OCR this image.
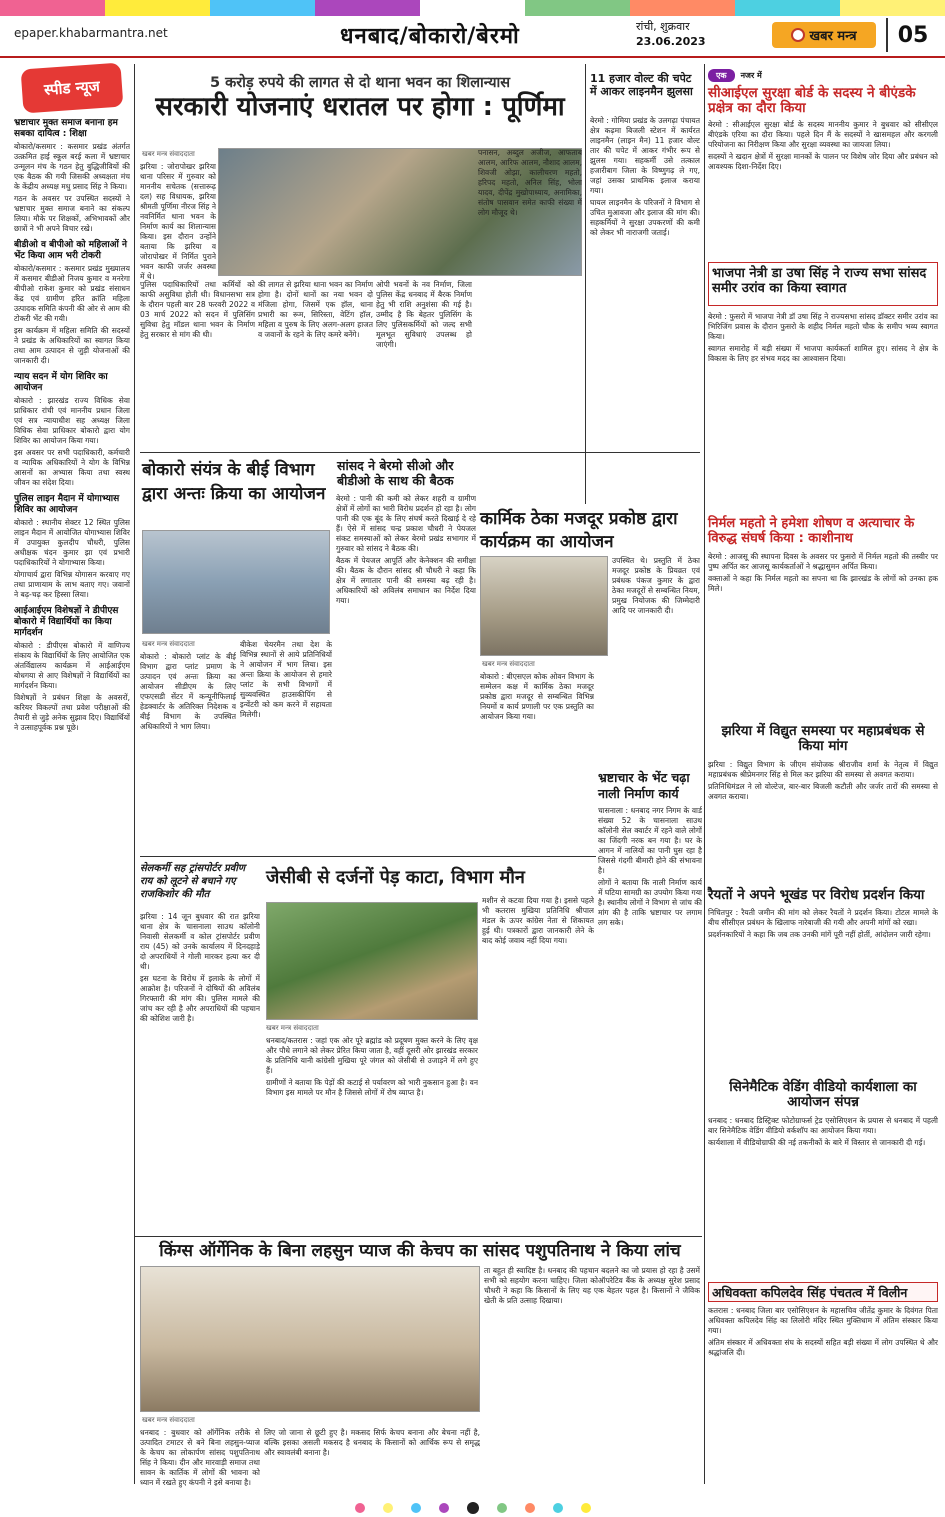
epaper.khabarmantra.net	धनबाद/बोकारो/बेरमो	रांची, शुक्रवार
23.06.2023	खबर मन्त्र	05
स्पीड न्यूज
भ्रष्टाचार मुक्त समाज बनाना हम सबका दायित्व : शिक्षा

बोकारो/कसमार : कसमार प्रखंड अंतर्गत उत्क्रमित हाई स्कूल बरई कला में भ्रष्टाचार उन्मूलन मंच के गठन हेतु बुद्धिजीवियों की एक बैठक की गयी जिसकी अध्यक्षता मंच के केंद्रीय अध्यक्ष मधु प्रसाद सिंह ने किया।

गठन के अवसर पर उपस्थित सदस्यों ने भ्रष्टाचार मुक्त समाज बनाने का संकल्प लिया। मौके पर शिक्षकों, अभिभावकों और छात्रों ने भी अपने विचार रखे।

बीडीओ व बीपीओ को महिलाओं ने भेंट किया आम भरी टोकरी

बोकारो/कसमार : कसमार प्रखंड मुख्यालय में कसमार बीडीओ निजय कुमार व मनरेगा बीपीओ राकेश कुमार को प्रखंड संसाधन केंद्र एवं ग्रामीण हरित क्रांति महिला उत्पादक समिति कंपनी की ओर से आम की टोकरी भेंट की गयी।

इस कार्यक्रम में महिला समिति की सदस्यों ने प्रखंड के अधिकारियों का स्वागत किया तथा आम उत्पादन से जुड़ी योजनाओं की जानकारी दी।

न्याय सदन में योग शिविर का आयोजन

बोकारो : झारखंड राज्य विधिक सेवा प्राधिकार रांची एवं माननीय प्रधान जिला एवं सत्र न्यायाधीश सह अध्यक्ष जिला विधिक सेवा प्राधिकार बोकारो द्वारा योग शिविर का आयोजन किया गया।

इस अवसर पर सभी पदाधिकारी, कर्मचारी व न्यायिक अधिकारियों ने योग के विभिन्न आसनों का अभ्यास किया तथा स्वस्थ जीवन का संदेश दिया।

पुलिस लाइन मैदान में योगाभ्यास शिविर का आयोजन

बोकारो : स्थानीय सेक्टर 12 स्थित पुलिस लाइन मैदान में आयोजित योगाभ्यास शिविर में उपायुक्त कुलदीप चौधरी, पुलिस अधीक्षक चंदन कुमार झा एवं प्रभारी पदाधिकारियों ने योगाभ्यास किया।

योगाचार्य द्वारा विभिन्न योगासन करवाए गए तथा प्राणायाम के लाभ बताए गए। जवानों ने बढ़-चढ़ कर हिस्सा लिया।

आईआईएम विशेषज्ञों ने डीपीएस बोकारो में विद्यार्थियों का किया मार्गदर्शन

बोकारो : डीपीएस बोकारो में वाणिज्य संकाय के विद्यार्थियों के लिए आयोजित एक अंतर्विद्यालय कार्यक्रम में आईआईएम बोधगया से आए विशेषज्ञों ने विद्यार्थियों का मार्गदर्शन किया।

विशेषज्ञों ने प्रबंधन शिक्षा के अवसरों, करियर विकल्पों तथा प्रवेश परीक्षाओं की तैयारी से जुड़े अनेक सुझाव दिए। विद्यार्थियों ने उत्साहपूर्वक प्रश्न पूछे।

5 करोड़ रुपये की लागत से दो थाना भवन का शिलान्यास
सरकारी योजनाएं धरातल पर होगा : पूर्णिमा
खबर मन्त्र संवाददाता

झरिया : जोरापोखर झरिया थाना परिसर में गुरुवार को माननीय सचेतक (सत्तारूढ़ दल) सह विधायक, झरिया श्रीमती पूर्णिमा नीरज सिंह ने नवनिर्मित थाना भवन के निर्माण कार्य का शिलान्यास किया। इस दौरान उन्होंने बताया कि झरिया व जोरापोखर में निर्मित पुराने भवन काफी जर्जर अवस्था में थे।

पुलिस पदाधिकारियों तथा कर्मियों को काफी असुविधा होती थी। विधानसभा सत्र के दौरान पहली बार 28 फरवरी 2022 व 03 मार्च 2022 को सदन में पुलिसिंग सुविधा हेतु मॉडल थाना भवन के निर्माण हेतु सरकार से मांग की थी।

की लागत से झरिया थाना भवन का निर्माण होगा है। दोनों थानों का नया भवन दो मंजिला होगा, जिसमें एक हॉल, थाना प्रभारी का रूम, सिरिस्ता, वेटिंग हॉल, महिला व पुरुष के लिए अलग-अलग हाजत व जवानों के रहने के लिए कमरे बनेंगे।

ओपी भवनों के नव निर्माण, जिला पुलिस केंद्र धनबाद में बैरक निर्माण हेतु भी राशि अनुशंसा की गई है। उम्मीद है कि बेहतर पुलिसिंग के लिए पुलिसकर्मियों को जल्द सभी मूलभूत सुविधाएं उपलब्ध हो जाएंगी।

पनासन, अब्दुल अजीज, आफताब आलम, आरिफ आलम, नौशाद आलम, शिवजी ओझा, कालीचरण महतो, हरिपद महतो, अनिल सिंह, भोला यादव, दीपेंद्र मुखोपाध्याय, अनामिका, संतोष पासवान समेत काफी संख्या में लोग मौजूद थे।

11 हजार वोल्ट की चपेट में आकर लाइनमैन झुलसा

बेरमो : गोमिया प्रखंड के उलगढ़ा पंचायत क्षेत्र कढ़मा बिजली स्टेशन में कार्यरत लाइनमैन (लाइन मैन) 11 हजार वोल्ट तार की चपेट में आकर गंभीर रूप से झुलस गया। सहकर्मी उसे तत्काल हजारीबाग जिला के विष्णुगढ़ ले गए, जहां उसका प्राथमिक इलाज कराया गया।

घायल लाइनमैन के परिजनों ने विभाग से उचित मुआवजा और इलाज की मांग की। सहकर्मियों ने सुरक्षा उपकरणों की कमी को लेकर भी नाराजगी जताई।

बोकारो संयंत्र के बीई विभाग द्वारा अन्तः क्रिया का आयोजन
खबर मन्त्र संवाददाता

बोकारो : बोकारो प्लांट के बीई विभाग द्वारा प्लांट प्रमाण के उत्पादन एवं अन्तः क्रिया का आयोजन सीडीएम के लिए एफएसडी सेंटर में कन्यूनीफिलाई हेडक्वार्टर के अतिरिक्त निदेशक व बीई विभाग के उपस्थित अधिकारियों ने भाग लिया।

बीकेश चेयरमैन तथा देश के विभिन्न स्थानों से आये प्रतिनिधियों ने आयोजन में भाग लिया। इस अन्तः क्रिया के आयोजन से हमारे प्लांट के सभी विभागों में सुव्यवस्थित हाउसकीपिंग से इन्वेंटरी को कम करने में सहायता मिलेगी।

सांसद ने बेरमो सीओ और बीडीओ के साथ की बैठक

बेरमो : पानी की कमी को लेकर शहरी व ग्रामीण क्षेत्रों में लोगों का भारी विरोध प्रदर्शन हो रहा है। लोग पानी की एक बूंद के लिए संघर्ष करते दिखाई दे रहे हैं। ऐसे में सांसद चन्द्र प्रकाश चौधरी ने पेयजल संकट समस्याओं को लेकर बेरमो प्रखंड सभागार में गुरुवार को सांसद ने बैठक की।

बैठक में पेयजल आपूर्ति और केनेक्शन की समीक्षा की। बैठक के दौरान सांसद श्री चौधरी ने कहा कि क्षेत्र में लगातार पानी की समस्या बढ़ रही है। अधिकारियों को अविलंब समाधान का निर्देश दिया गया।

कार्मिक ठेका मजदूर प्रकोष्ठ द्वारा कार्यक्रम का आयोजन

उपस्थित थे। प्रस्तुति में ठेका मजदूर प्रकोष्ठ के प्रियव्रत एवं प्रबंधक पंकज कुमार के द्वारा ठेका मजदूरों से सम्बन्धित नियम, प्रमुख नियोजक की जिम्मेदारी आदि पर जानकारी दी।

खबर मन्त्र संवाददाता

बोकारो : बीएसएल कोक ओवन विभाग के सम्मेलन कक्ष में कार्मिक ठेका मजदूर प्रकोष्ठ द्वारा मजदूर से सम्बन्धित विभिन्न नियमों व कार्य प्रणाली पर एक प्रस्तुति का आयोजन किया गया।

भ्रष्टाचार के भेंट चढ़ा नाली निर्माण कार्य

चासनाला : धनबाद नगर निगम के वार्ड संख्या 52 के चासनाला साउथ कॉलोनी सेल क्वार्टर में रहने वाले लोगों का जिंदगी नरक बन गया है। घर के आगन में नालियों का पानी घुस रहा है जिससे गंदगी बीमारी होने की संभावना है।

लोगों ने बताया कि नाली निर्माण कार्य में घटिया सामग्री का उपयोग किया गया है। स्थानीय लोगों ने विभाग से जांच की मांग की है ताकि भ्रष्टाचार पर लगाम लग सके।

सेलकर्मी सह ट्रांसपोर्टर प्रवीण राय को लूटने से बचाने गए राजकिशोर की मौत

झरिया : 14 जून बुधवार की रात झरिया थाना क्षेत्र के चासनाला साउथ कॉलोनी निवासी सेलकर्मी व कोल ट्रांसपोर्टर प्रवीण राय (45) को उनके कार्यालय में दिनदहाड़े दो अपराधियों ने गोली मारकर हत्या कर दी थी।

इस घटना के विरोध में इलाके के लोगों में आक्रोश है। परिजनों ने दोषियों की अविलंब गिरफ्तारी की मांग की। पुलिस मामले की जांच कर रही है और अपराधियों की पहचान की कोशिश जारी है।

जेसीबी से दर्जनों पेड़ काटा, विभाग मौन
खबर मन्त्र संवाददाता

धनबाद/कतरास : जहां एक ओर पूरे ब्रह्मांड को प्रदूषण मुक्त करने के लिए वृक्ष और पौधे लगाने को लेकर प्रेरित किया जाता है, वहीं दूसरी ओर झारखंड सरकार के प्रतिनिधि यानी कांग्रेसी मुखिया पूरे जंगल को जेसीबी से उजाड़ने में लगे हुए हैं।

ग्रामीणों ने बताया कि पेड़ों की कटाई से पर्यावरण को भारी नुकसान हुआ है। वन विभाग इस मामले पर मौन है जिससे लोगों में रोष व्याप्त है।

मशीन से कटवा दिया गया है। इससे पहले भी कतरास मुखिया प्रतिनिधि श्रीपाल मंडल के ऊपर कांग्रेस नेता से शिकायत हुई थी। पत्रकारों द्वारा जानकारी लेने के बाद कोई जवाब नहीं दिया गया।

किंग्स ऑर्गेनिक के बिना लहसुन प्याज की केचप का सांसद पशुपतिनाथ ने किया लांच
खबर मन्त्र संवाददाता

धनबाद : बुधवार को ऑर्गेनिक तरीके से उत्पादित टमाटर से बने बिना लहसुन-प्याज के केचप का लोकार्पण सांसद पशुपतिनाथ सिंह ने किया। दीन और मारवाड़ी समाज तथा सावन के कार्तिक में लोगों की भावना को ध्यान में रखते हुए कंपनी ने इसे बनाया है।

लिए जो जाना से छूटी हुए है। मकसद सिर्फ केचप बनाना और बेचना नहीं है, बल्कि इसका असली मकसद है धनबाद के किसानों को आर्थिक रूप से समृद्ध और स्वावलंबी बनाना है।

ता बहुत ही स्वादिष्ट है। धनबाद की पहचान बदलने का जो प्रयास हो रहा है उसमें सभी को सहयोग करना चाहिए। जिला कोऑपरेटिव बैंक के अध्यक्ष सुरेश प्रसाद चौधरी ने कहा कि किसानों के लिए यह एक बेहतर पहल है। किसानों ने जैविक खेती के प्रति उत्साह दिखाया।

एक	नजर में
सीआईएल सुरक्षा बोर्ड के सदस्य ने बीएंडके प्रक्षेत्र का दौरा किया

बेरमो : सीआईएल सुरक्षा बोर्ड के सदस्य माननीय कुमार ने बुधवार को सीसीएल बीएंडके एरिया का दौरा किया। पहले दिन मैं के सदस्यों ने खासमहल और करगली परियोजना का निरीक्षण किया और सुरक्षा व्यवस्था का जायजा लिया।

सदस्यों ने खदान क्षेत्रों में सुरक्षा मानकों के पालन पर विशेष जोर दिया और प्रबंधन को आवश्यक दिशा-निर्देश दिए।

भाजपा नेत्री डा उषा सिंह ने राज्य सभा सांसद समीर उरांव का किया स्वागत

बेरमो : फुसरो में भाजपा नेत्री डॉ उषा सिंह ने राज्यसभा सांसद डॉक्टर समीर उरांव का भिरिजिंग प्रवास के दौरान फुसरो के शहीद निर्मल महतो चौक के समीप भव्य स्वागत किया।

स्वागत समारोह में बड़ी संख्या में भाजपा कार्यकर्ता शामिल हुए। सांसद ने क्षेत्र के विकास के लिए हर संभव मदद का आश्वासन दिया।

निर्मल महतो ने हमेशा शोषण व अत्याचार के विरुद्ध संघर्ष किया : काशीनाथ

बेरमो : आजसू की स्थापना दिवस के अवसर पर फुसरो में निर्मल महतो की तस्वीर पर पुष्प अर्पित कर आजसू कार्यकर्ताओं ने श्रद्धासुमन अर्पित किया।

वक्ताओं ने कहा कि निर्मल महतो का सपना था कि झारखंड के लोगों को उनका हक मिले।

झरिया में विद्युत समस्या पर महाप्रबंधक से किया मांग

झरिया : विद्युत विभाग के जीएम संयोजक श्रीराजीव शर्मा के नेतृत्व में विद्युत महाप्रबंधक श्रीप्रेमनगर सिंह से मिल कर झरिया की समस्या से अवगत कराया।

प्रतिनिधिमंडल ने लो वोल्टेज, बार-बार बिजली कटौती और जर्जर तारों की समस्या से अवगत कराया।

रैयतों ने अपने भूखंड पर विरोध प्रदर्शन किया

निचितपुर : रैयती जमीन की मांग को लेकर रैयतों ने प्रदर्शन किया। टोटल मामले के बीच सीसीएल प्रबंधन के खिलाफ नारेबाजी की गयी और अपनी मांगों को रखा।

प्रदर्शनकारियों ने कहा कि जब तक उनकी मांगें पूरी नहीं होतीं, आंदोलन जारी रहेगा।

सिनेमैटिक वेडिंग वीडियो कार्यशाला का आयोजन संपन्न

धनबाद : धनबाद डिस्ट्रिक्ट फोटोग्राफर्स ट्रेड एसोसिएशन के प्रयास से धनबाद में पहली बार सिनेमैटिक वेडिंग वीडियो वर्कशॉप का आयोजन किया गया।

कार्यशाला में वीडियोग्राफी की नई तकनीकों के बारे में विस्तार से जानकारी दी गई।

अधिवक्ता कपिलदेव सिंह पंचतत्व में विलीन

कतरास : धनबाद जिला बार एसोसिएशन के महासचिव जीतेंद्र कुमार के दिवंगत पिता अधिवक्ता कपिलदेव सिंह का लिलोरी मंदिर स्थित मुक्तिधाम में अंतिम संस्कार किया गया।

अंतिम संस्कार में अधिवक्ता संघ के सदस्यों सहित बड़ी संख्या में लोग उपस्थित थे और श्रद्धांजलि दी।
